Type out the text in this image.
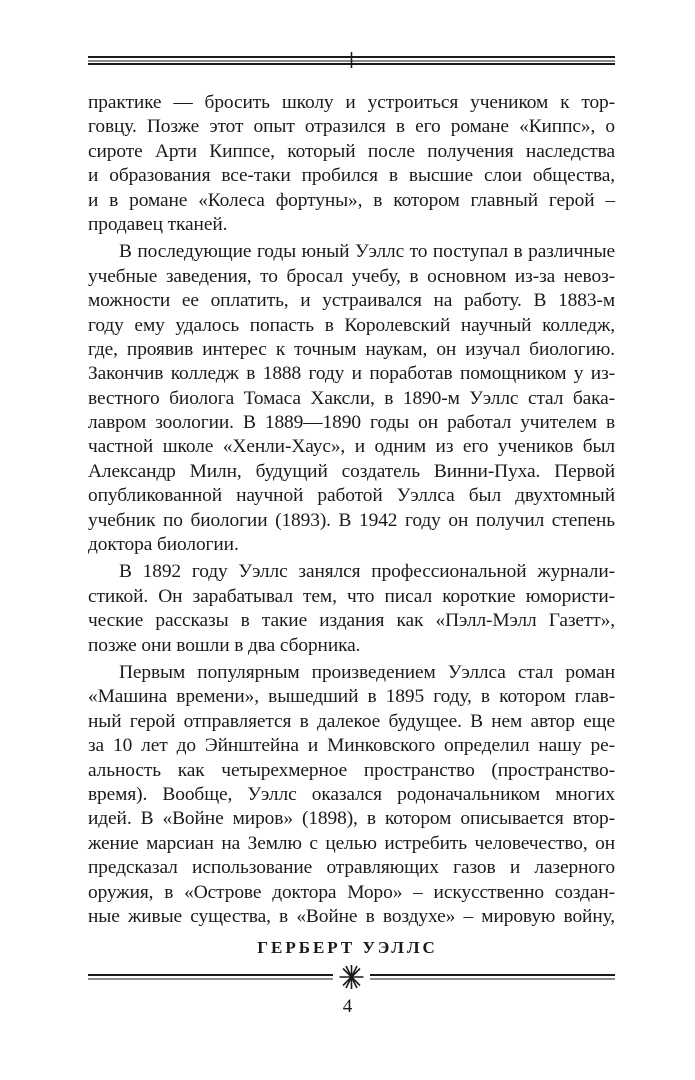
практике — бросить школу и устроиться учеником к тор-
говцу. Позже этот опыт отразился в его романе «Киппс», о
сироте Арти Киппсе, который после получения наследства
и образования все-таки пробился в высшие слои общества,
и в романе «Колеса фортуны», в котором главный герой –
продавец тканей.
В последующие годы юный Уэллс то поступал в различные
учебные заведения, то бросал учебу, в основном из-за невоз-
можности ее оплатить, и устраивался на работу. В 1883-м
году ему удалось попасть в Королевский научный колледж,
где, проявив интерес к точным наукам, он изучал биологию.
Закончив колледж в 1888 году и поработав помощником у из-
вестного биолога Томаса Хаксли, в 1890-м Уэллс стал бака-
лавром зоологии. В 1889—1890 годы он работал учителем в
частной школе «Хенли-Хаус», и одним из его учеников был
Александр Милн, будущий создатель Винни-Пуха. Первой
опубликованной научной работой Уэллса был двухтомный
учебник по биологии (1893). В 1942 году он получил степень
доктора биологии.
В 1892 году Уэллс занялся профессиональной журнали-
стикой. Он зарабатывал тем, что писал короткие юмористи-
ческие рассказы в такие издания как «Пэлл-Мэлл Газетт»,
позже они вошли в два сборника.
Первым популярным произведением Уэллса стал роман
«Машина времени», вышедший в 1895 году, в котором глав-
ный герой отправляется в далекое будущее. В нем автор еще
за 10 лет до Эйнштейна и Минковского определил нашу ре-
альность как четырехмерное пространство (пространство-
время). Вообще, Уэллс оказался родоначальником многих
идей. В «Войне миров» (1898), в котором описывается втор-
жение марсиан на Землю с целью истребить человечество, он
предсказал использование отравляющих газов и лазерного
оружия, в «Острове доктора Моро» – искусственно создан-
ные живые существа, в «Войне в воздухе» – мировую войну,
ГЕРБЕРТ УЭЛЛС
4
